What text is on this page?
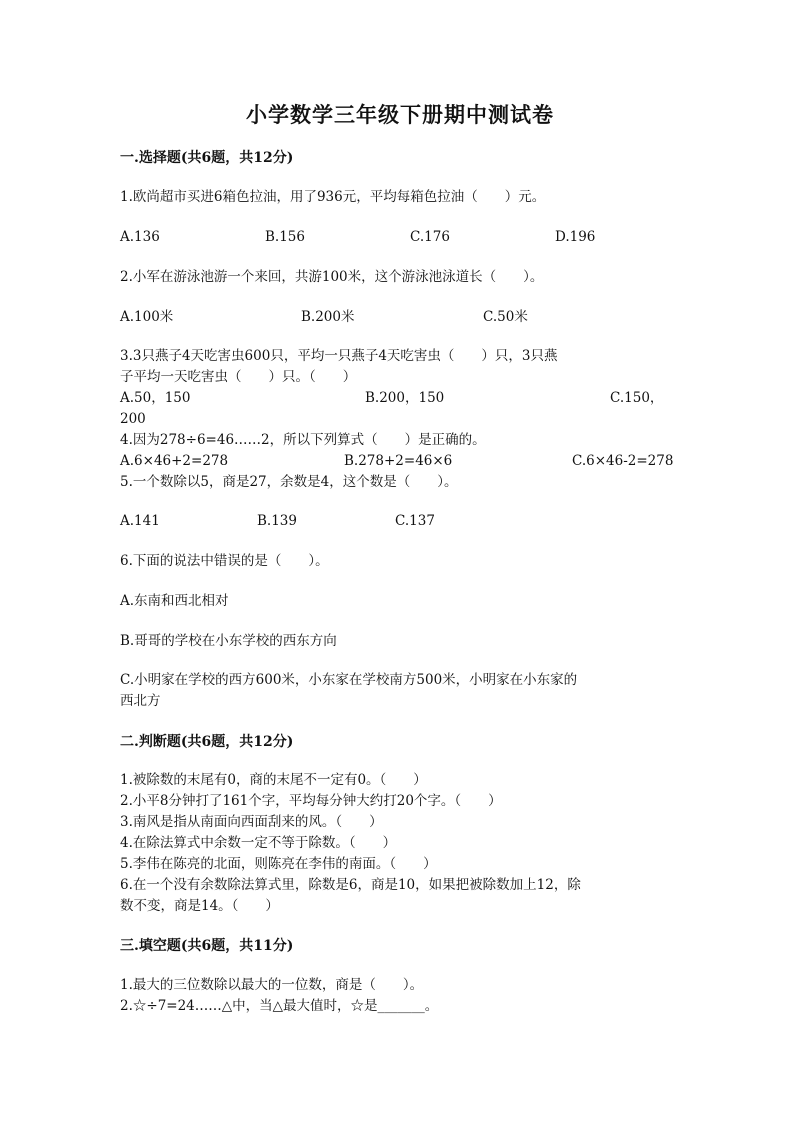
小学数学三年级下册期中测试卷
一.选择题(共6题，共12分)
1.欧尚超市买进6箱色拉油，用了936元，平均每箱色拉油（　　）元。
A.136	B.156	C.176	D.196
2.小军在游泳池游一个来回，共游100米，这个游泳池泳道长（　　）。
A.100米	B.200米	C.50米
3.3只燕子4天吃害虫600只，平均一只燕子4天吃害虫（　　）只，3只燕
子平均一天吃害虫（　　）只。（　　）
A.50，150	B.200，150	C.150，
200
4.因为278÷6=46……2，所以下列算式（　　）是正确的。
A.6×46+2=278	B.278+2=46×6	C.6×46-2=278
5.一个数除以5，商是27，余数是4，这个数是（　　）。
A.141	B.139	C.137
6.下面的说法中错误的是（　　）。
A.东南和西北相对
B.哥哥的学校在小东学校的西东方向
C.小明家在学校的西方600米，小东家在学校南方500米，小明家在小东家的
西北方
二.判断题(共6题，共12分)
1.被除数的末尾有0，商的末尾不一定有0。（　　）
2.小平8分钟打了161个字，平均每分钟大约打20个字。（　　）
3.南风是指从南面向西面刮来的风。（　　）
4.在除法算式中余数一定不等于除数。（　　）
5.李伟在陈亮的北面，则陈亮在李伟的南面。（　　）
6.在一个没有余数除法算式里，除数是6，商是10，如果把被除数加上12，除
数不变，商是14。（　　）
三.填空题(共6题，共11分)
1.最大的三位数除以最大的一位数，商是（　　）。
2.☆÷7=24……△中，当△最大值时，☆是_______。
